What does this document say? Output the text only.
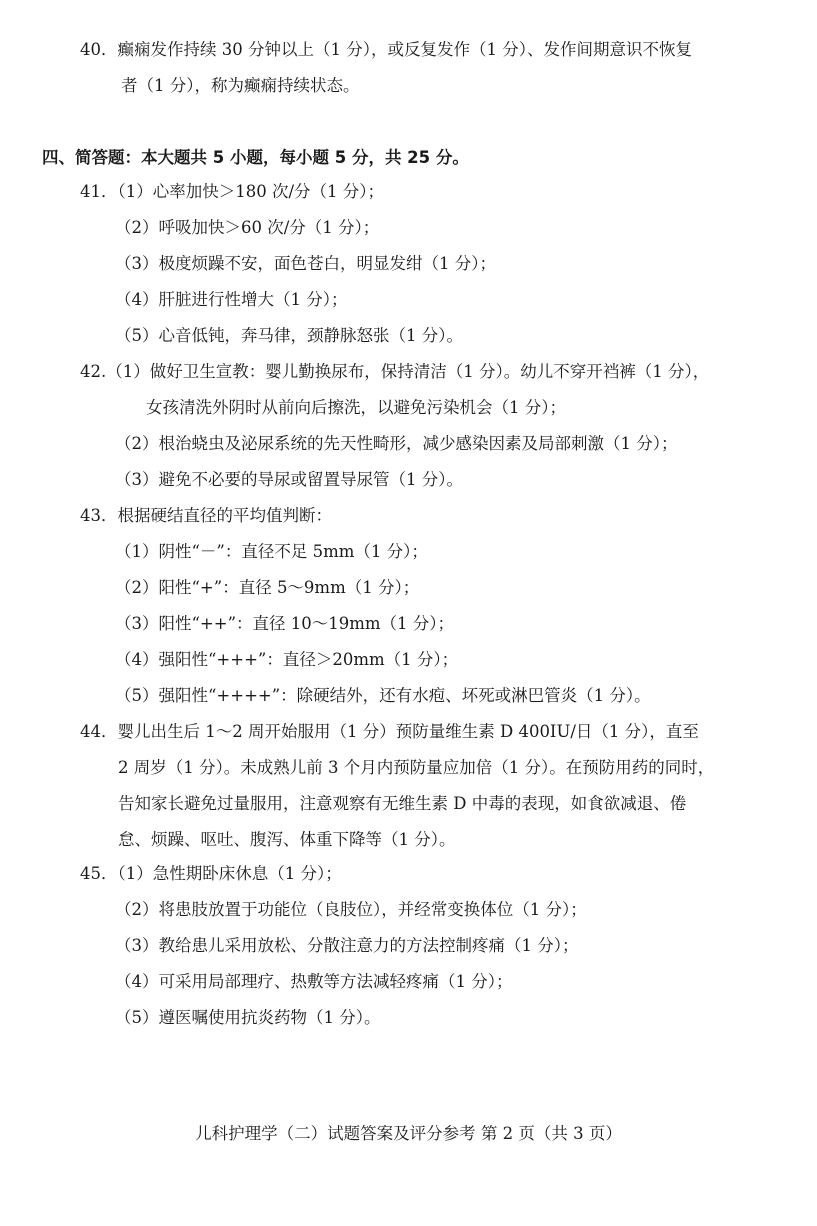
40．癫痫发作持续 30 分钟以上（1 分），或反复发作（1 分）、发作间期意识不恢复
者（1 分），称为癫痫持续状态。
四、简答题：本大题共 5 小题，每小题 5 分，共 25 分。
41．（1）心率加快＞180 次/分（1 分）；
（2）呼吸加快＞60 次/分（1 分）；
（3）极度烦躁不安，面色苍白，明显发绀（1 分）；
（4）肝脏进行性增大（1 分）；
（5）心音低钝，奔马律，颈静脉怒张（1 分）。
42.（1）做好卫生宣教：婴儿勤换尿布，保持清洁（1 分）。幼儿不穿开裆裤（1 分），
女孩清洗外阴时从前向后擦洗，以避免污染机会（1 分）；
（2）根治蛲虫及泌尿系统的先天性畸形，减少感染因素及局部刺激（1 分）；
（3）避免不必要的导尿或留置导尿管（1 分）。
43．根据硬结直径的平均值判断：
（1）阴性“－”：直径不足 5mm（1 分）；
（2）阳性“+”：直径 5～9mm（1 分）；
（3）阳性“++”：直径 10～19mm（1 分）；
（4）强阳性“+++”：直径＞20mm（1 分）；
（5）强阳性“++++”：除硬结外，还有水疱、坏死或淋巴管炎（1 分）。
44．婴儿出生后 1～2 周开始服用（1 分）预防量维生素 D 400IU/日（1 分），直至
2 周岁（1 分）。未成熟儿前 3 个月内预防量应加倍（1 分）。在预防用药的同时，
告知家长避免过量服用，注意观察有无维生素 D 中毒的表现，如食欲减退、倦
怠、烦躁、呕吐、腹泻、体重下降等（1 分）。
45．（1）急性期卧床休息（1 分）；
（2）将患肢放置于功能位（良肢位），并经常变换体位（1 分）；
（3）教给患儿采用放松、分散注意力的方法控制疼痛（1 分）；
（4）可采用局部理疗、热敷等方法减轻疼痛（1 分）；
（5）遵医嘱使用抗炎药物（1 分）。
儿科护理学（二）试题答案及评分参考 第 2 页（共 3 页）
